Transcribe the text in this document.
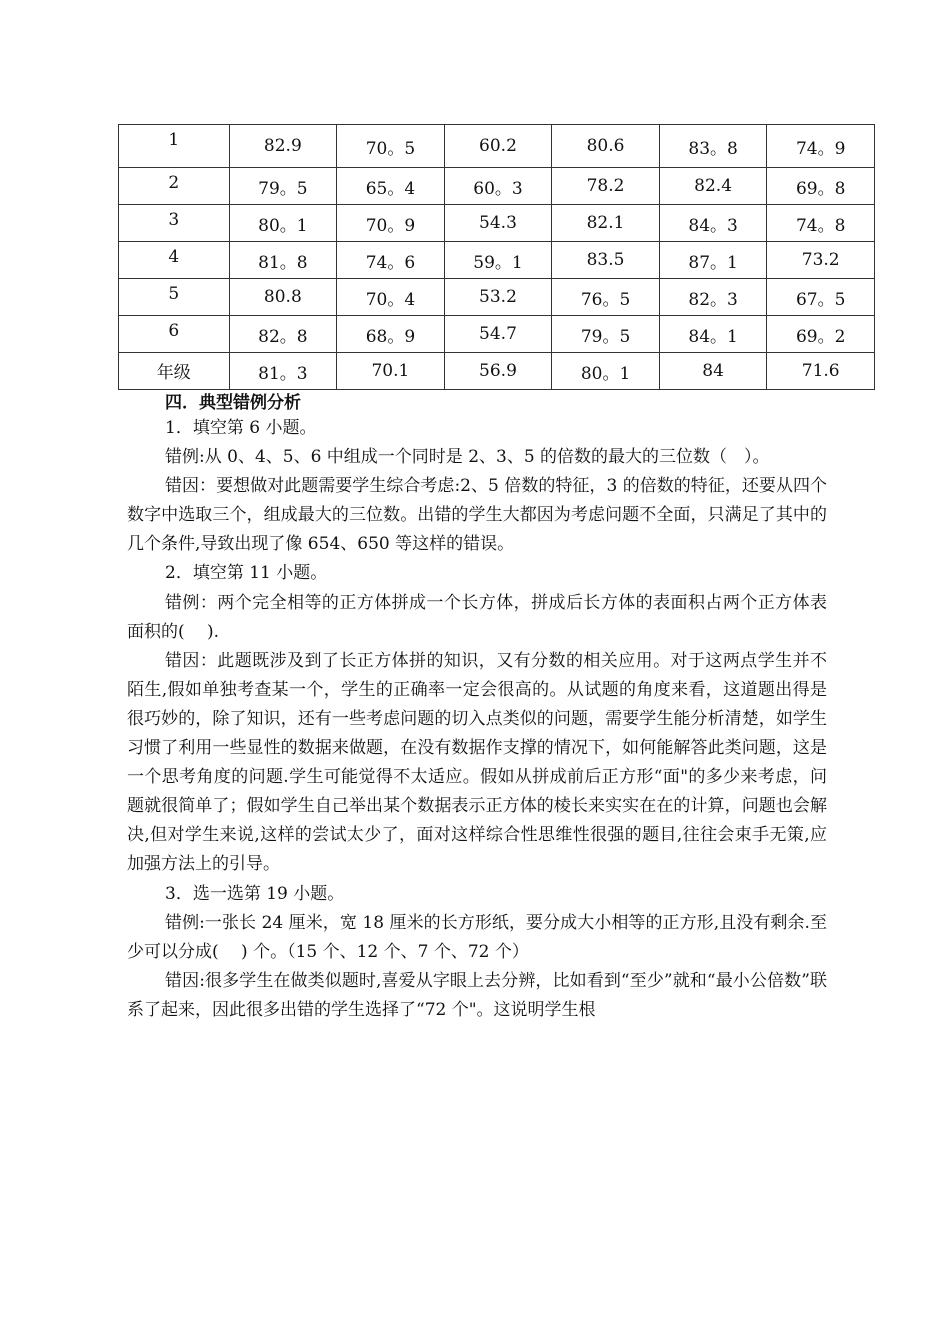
1	82.9	70。5	60.2	80.6	83。8	74。9
2	79。5	65。4	60。3	78.2	82.4	69。8
3	80。1	70。9	54.3	82.1	84。3	74。8
4	81。8	74。6	59。1	83.5	87。1	73.2
5	80.8	70。4	53.2	76。5	82。3	67。5
6	82。8	68。9	54.7	79。5	84。1	69。2
年级	81。3	70.1	56.9	80。1	84	71.6
四．典型错例分析

1．填空第 6 小题。

错例:从 0、4、5、6 中组成一个同时是 2、3、5 的倍数的最大的三位数（　）。

错因：要想做对此题需要学生综合考虑:2、5 倍数的特征，3 的倍数的特征，还要从四个数字中选取三个，组成最大的三位数。出错的学生大都因为考虑问题不全面，只满足了其中的几个条件,导致出现了像 654、650 等这样的错误。

2．填空第 11 小题。

错例：两个完全相等的正方体拼成一个长方体，拼成后长方体的表面积占两个正方体表面积的(　 ).

错因：此题既涉及到了长正方体拼的知识，又有分数的相关应用。对于这两点学生并不陌生,假如单独考查某一个，学生的正确率一定会很高的。从试题的角度来看，这道题出得是很巧妙的，除了知识，还有一些考虑问题的切入点类似的问题，需要学生能分析清楚，如学生习惯了利用一些显性的数据来做题，在没有数据作支撑的情况下，如何能解答此类问题，这是一个思考角度的问题.学生可能觉得不太适应。假如从拼成前后正方形“面"的多少来考虑，问题就很简单了；假如学生自己举出某个数据表示正方体的棱长来实实在在的计算，问题也会解决,但对学生来说,这样的尝试太少了，面对这样综合性思维性很强的题目,往往会束手无策,应加强方法上的引导。

3．选一选第 19 小题。

错例:一张长 24 厘米，宽 18 厘米的长方形纸，要分成大小相等的正方形,且没有剩余.至少可以分成(　 ) 个。（15 个、12 个、7 个、72 个）

错因:很多学生在做类似题时,喜爱从字眼上去分辨，比如看到“至少”就和“最小公倍数”联系了起来，因此很多出错的学生选择了“72 个"。这说明学生根
